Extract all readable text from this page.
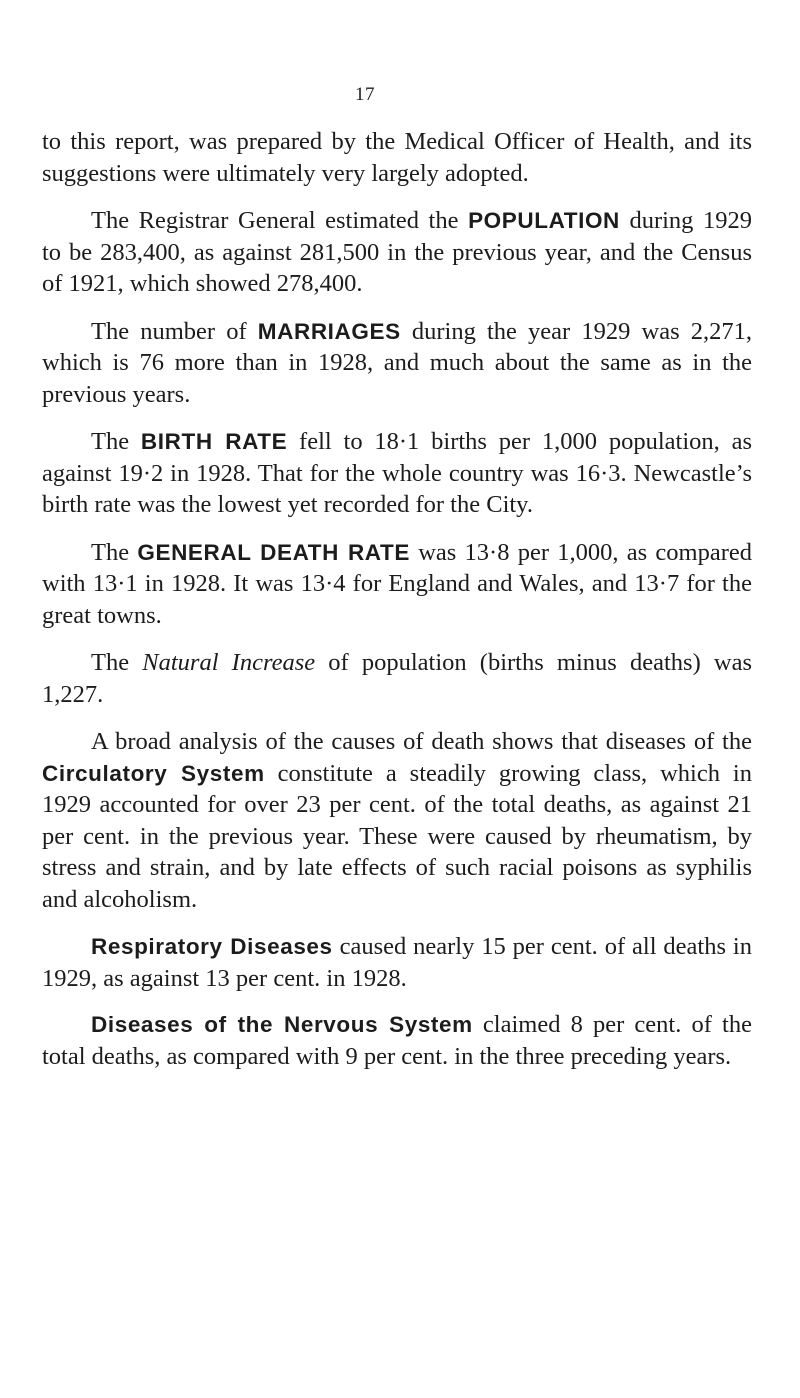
17

to this report, was prepared by the Medical Officer of Health, and its suggestions were ultimately very largely adopted.

The Registrar General estimated the POPULATION during 1929 to be 283,400, as against 281,500 in the previous year, and the Census of 1921, which showed 278,400.

The number of MARRIAGES during the year 1929 was 2,271, which is 76 more than in 1928, and much about the same as in the previous years.

The BIRTH RATE fell to 18·1 births per 1,000 population, as against 19·2 in 1928. That for the whole country was 16·3. Newcastle’s birth rate was the lowest yet recorded for the City.

The GENERAL DEATH RATE was 13·8 per 1,000, as compared with 13·1 in 1928. It was 13·4 for England and Wales, and 13·7 for the great towns.

The Natural Increase of population (births minus deaths) was 1,227.

A broad analysis of the causes of death shows that diseases of the Circulatory System constitute a steadily growing class, which in 1929 accounted for over 23 per cent. of the total deaths, as against 21 per cent. in the previous year. These were caused by rheumatism, by stress and strain, and by late effects of such racial poisons as syphilis and alcoholism.

Respiratory Diseases caused nearly 15 per cent. of all deaths in 1929, as against 13 per cent. in 1928.

Diseases of the Nervous System claimed 8 per cent. of the total deaths, as compared with 9 per cent. in the three preceding years.
